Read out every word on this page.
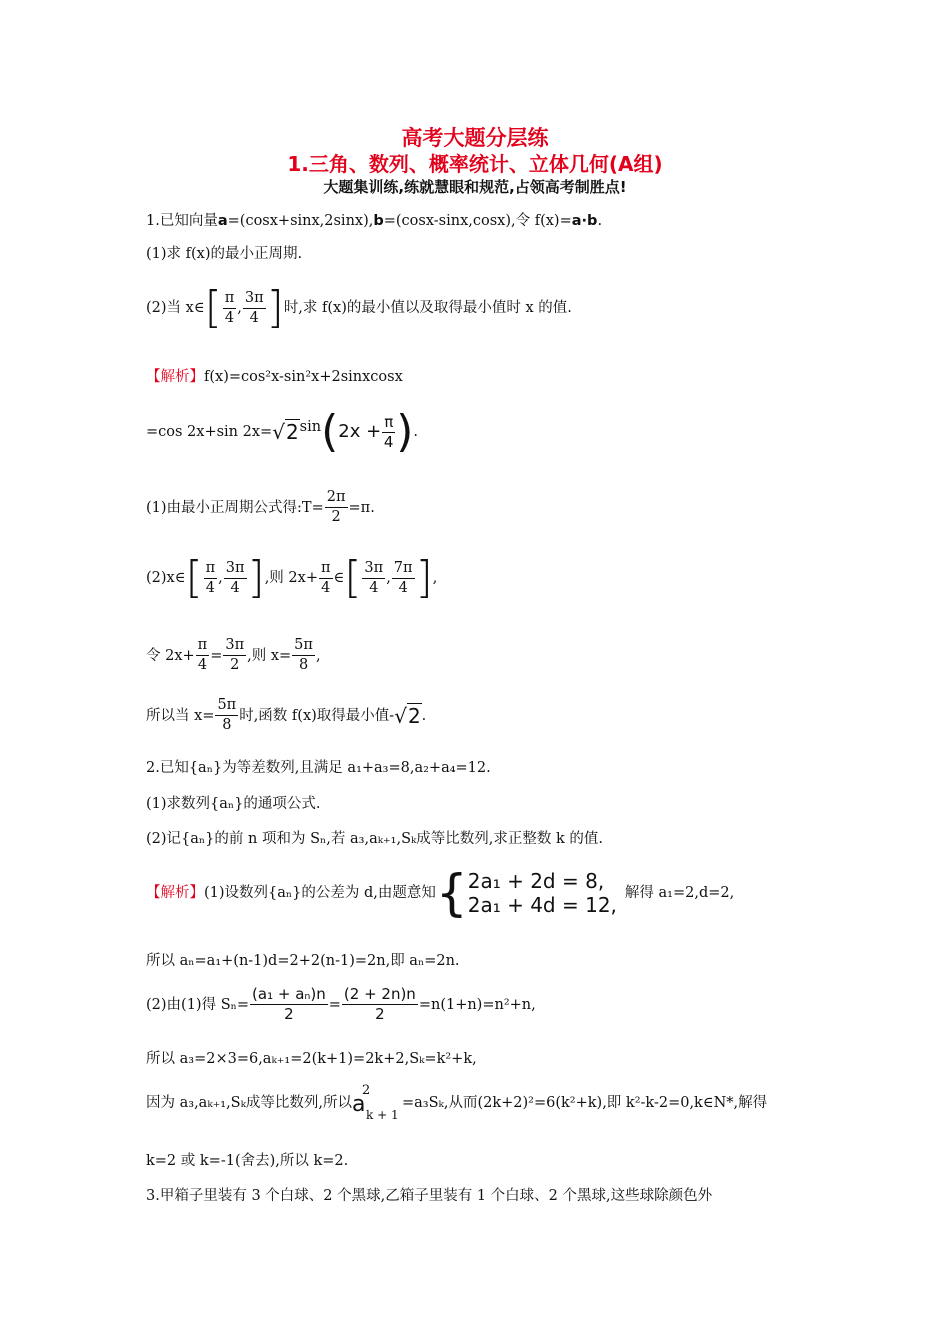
高考大题分层练
1.三角、数列、概率统计、立体几何(A组)
大题集训练,练就慧眼和规范,占领高考制胜点!
1.已知向量a=(cosx+sinx,2sinx),b=(cosx-sinx,cosx),令 f(x)=a·b.
(1)求 f(x)的最小正周期.
(2)当 x∈[ $\frac{\pi}{4}$ , $\frac{3\pi}{4}$ ]时,求 f(x)的最小值以及取得最小值时 x 的值.
【解析】f(x)=cos²x-sin²x+2sinxcosx
=cos 2x+sin $2x=√2\sin(2x + \frac{\pi}{4}$ ).
(1)由最小正周期公式得:T= $\frac{2\pi}{2} =\pi$.
(2)x∈[ $\frac{\pi}{4}$ , $\frac{3\pi}{4}$ ],则 $2x+ \frac{\pi}{4}$ ∈[ $\frac{3\pi}{4}$ , $\frac{7\pi}{4}$ ],
令 $2x+ \frac{\pi}{4} = \frac{3\pi}{2}$ ,则 $x= \frac{5\pi}{8}$ ,
所以当 $x= \frac{5\pi}{8}$ 时,函数 f(x)取得最小值-√2.
2.已知{aₙ}为等差数列,且满足 a₁+a₃=8,a₂+a₄=12.
(1)求数列{aₙ}的通项公式.
(2)记{aₙ}的前 n 项和为 Sₙ,若 a₃,aₖ₊₁,Sₖ成等比数列,求正整数 k 的值.
【解析】(1)设数列{aₙ}的公差为 d,由题意知{ 2a₁ + 2d = 8,
2a₁ + 4d = 12, 解得 a₁=2,d=2,
所以 aₙ=a₁+(n-1)d=2+2(n-1)=2n,即 aₙ=2n.
(2)由(1)得 $S_n= \frac{\text{(a₁ + aₙ)n}}{2} = \frac{(2 + 2n)n}{2} =n(1+n)=n^2+n$,
所以 a₃=2×3=6,aₖ₊₁=2(k+1)=2k+2,Sₖ=k²+k,
因为 a₃,aₖ₊₁,Sₖ成等比数列,所以
2
a k + 1
=a₃Sₖ,从而(2k+2)²=6(k²+k),即 k²-k-2=0,k∈N*,解得
k=2 或 k=-1(舍去),所以 k=2.
3.甲箱子里装有 3 个白球、2 个黑球,乙箱子里装有 1 个白球、2 个黑球,这些球除颜色外
